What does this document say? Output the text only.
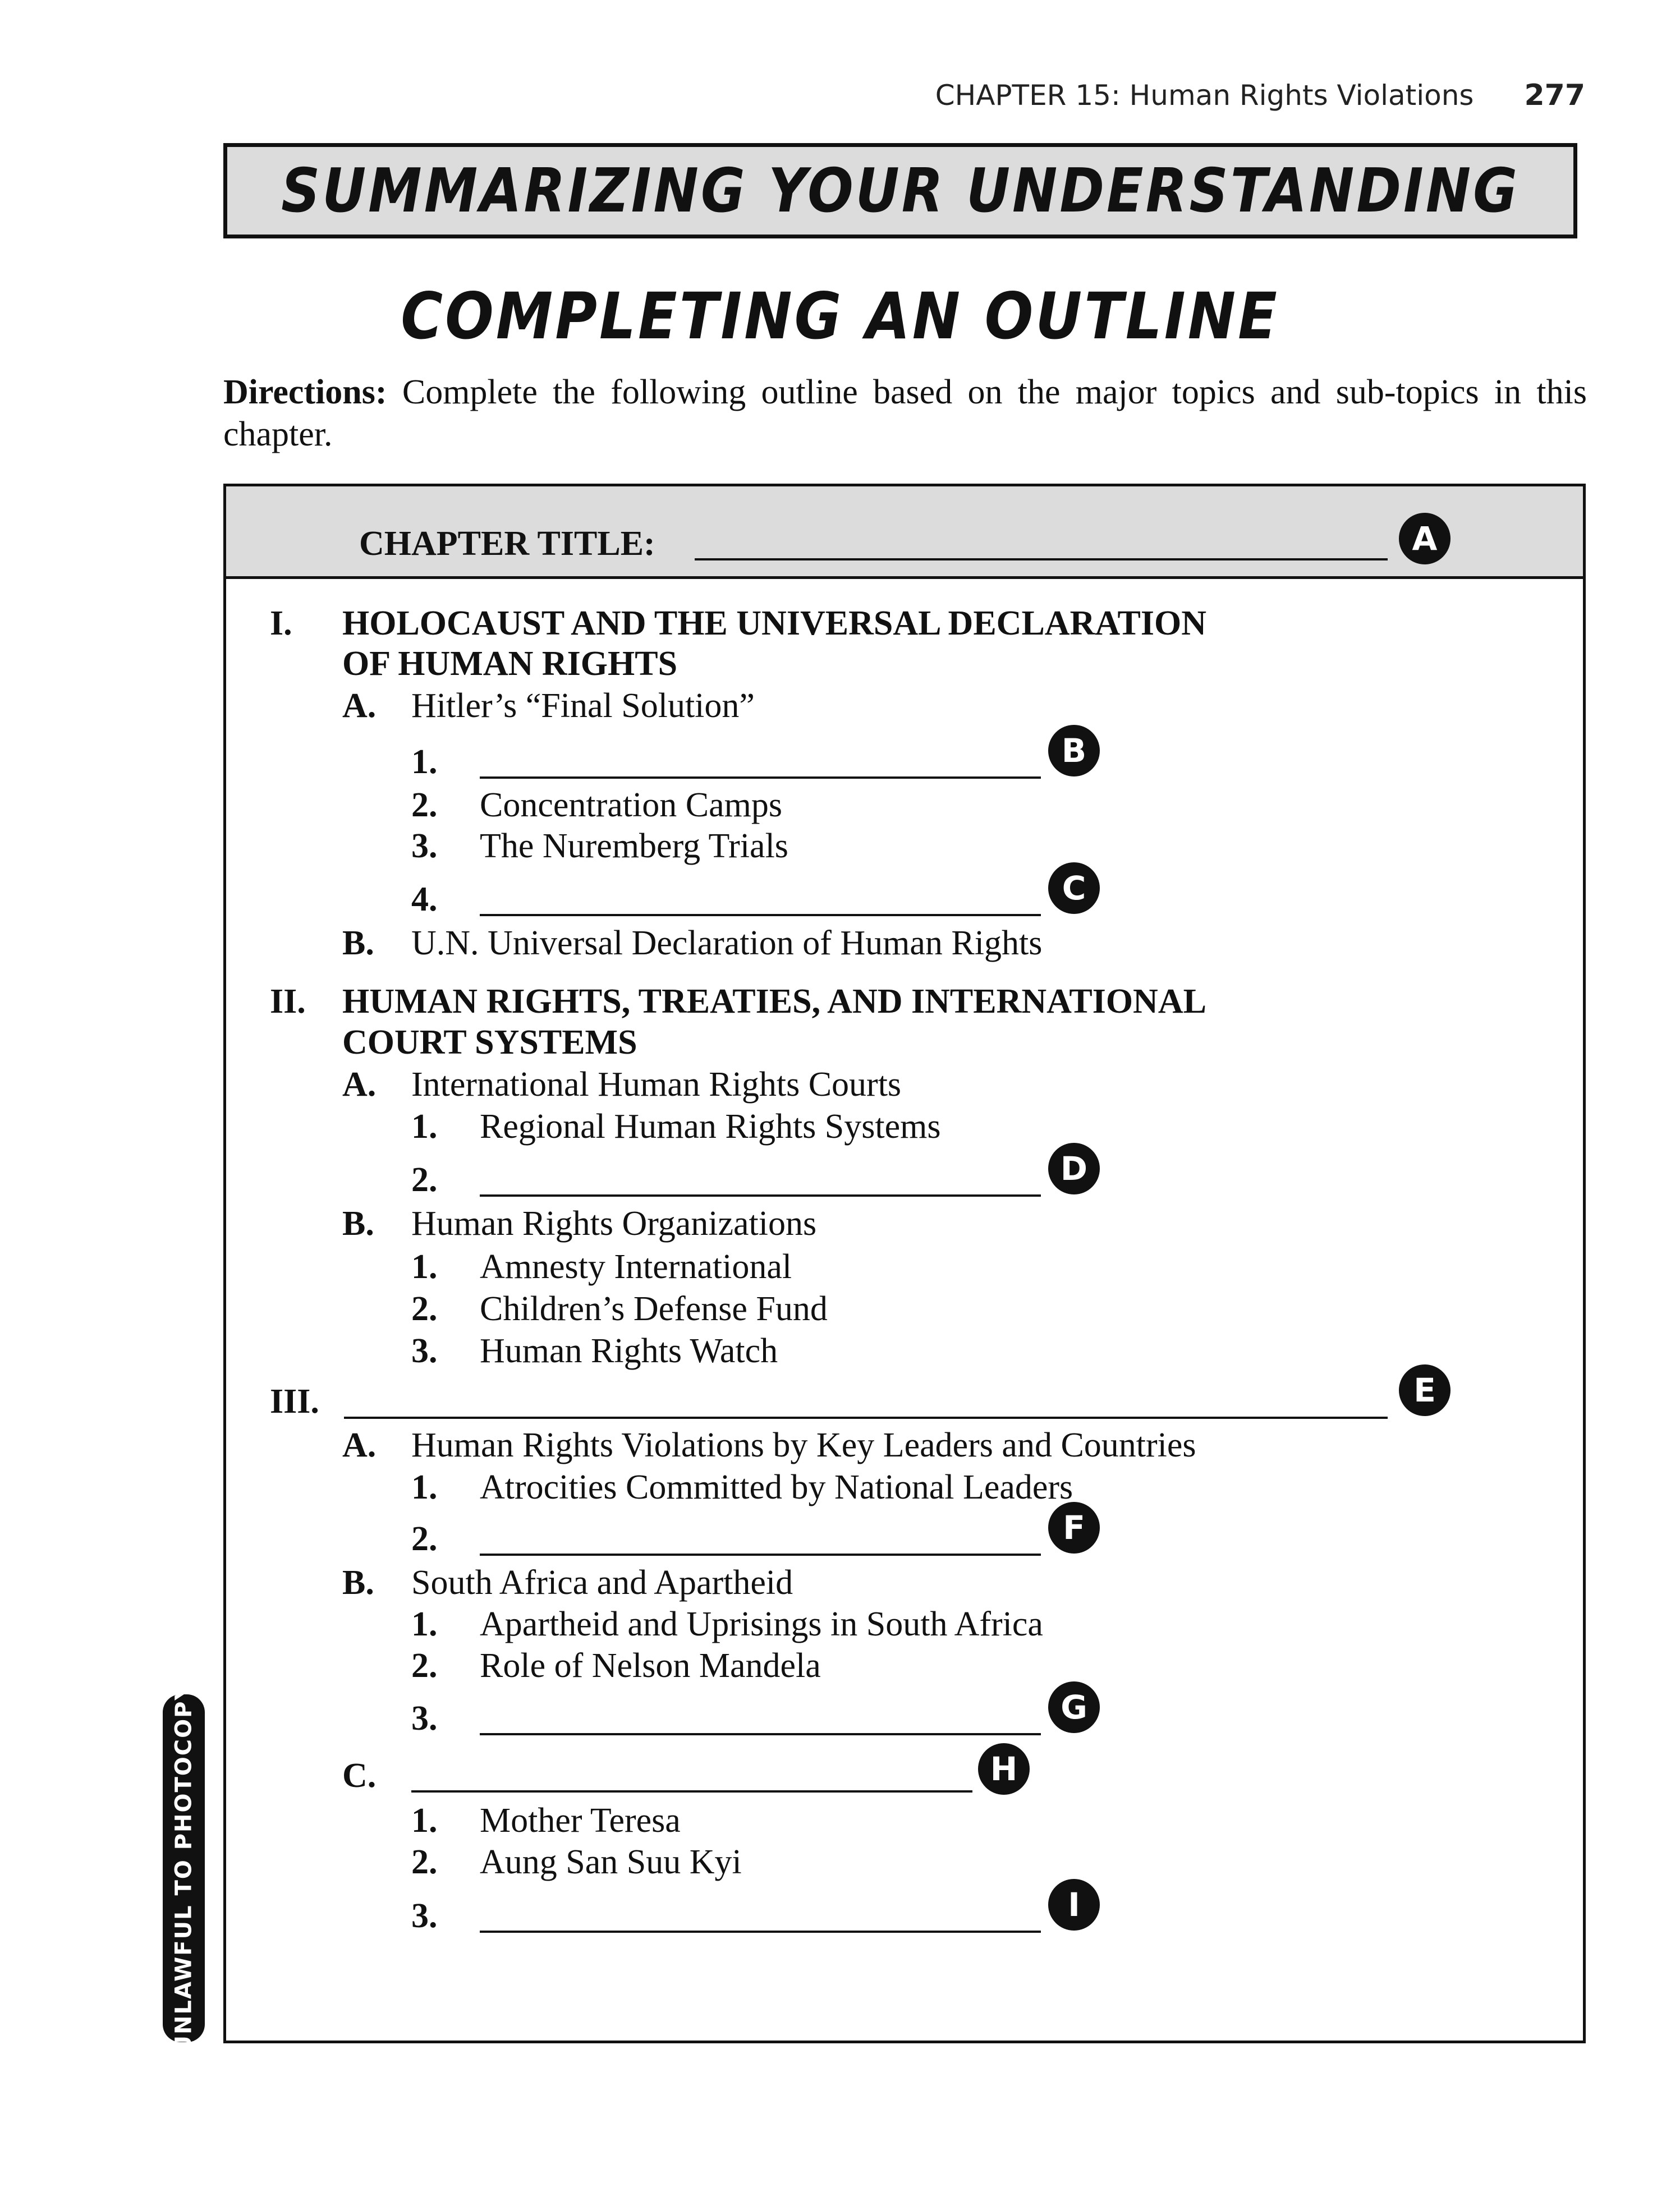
CHAPTER 15: Human Rights Violations 277
SUMMARIZING YOUR UNDERSTANDING
COMPLETING AN OUTLINE
Directions: Complete the following outline based on the major topics and sub-topics in this chapter.
CHAPTER TITLE:	A
I. HOLOCAUST AND THE UNIVERSAL DECLARATION
OF HUMAN RIGHTS
A. Hitler’s “Final Solution”
1.	B
2. Concentration Camps
3. The Nuremberg Trials
4.	C
B. U.N. Universal Declaration of Human Rights
II. HUMAN RIGHTS, TREATIES, AND INTERNATIONAL
COURT SYSTEMS
A. International Human Rights Courts
1. Regional Human Rights Systems
2.	D
B. Human Rights Organizations
1. Amnesty International
2. Children’s Defense Fund
3. Human Rights Watch
III.	E
A. Human Rights Violations by Key Leaders and Countries
1. Atrocities Committed by National Leaders
2.	F
B. South Africa and Apartheid
1. Apartheid and Uprisings in South Africa
2. Role of Nelson Mandela
3.	G
C.	H
1. Mother Teresa
2. Aung San Suu Kyi
3.	I
UNLAWFUL TO PHOTOCOPY
